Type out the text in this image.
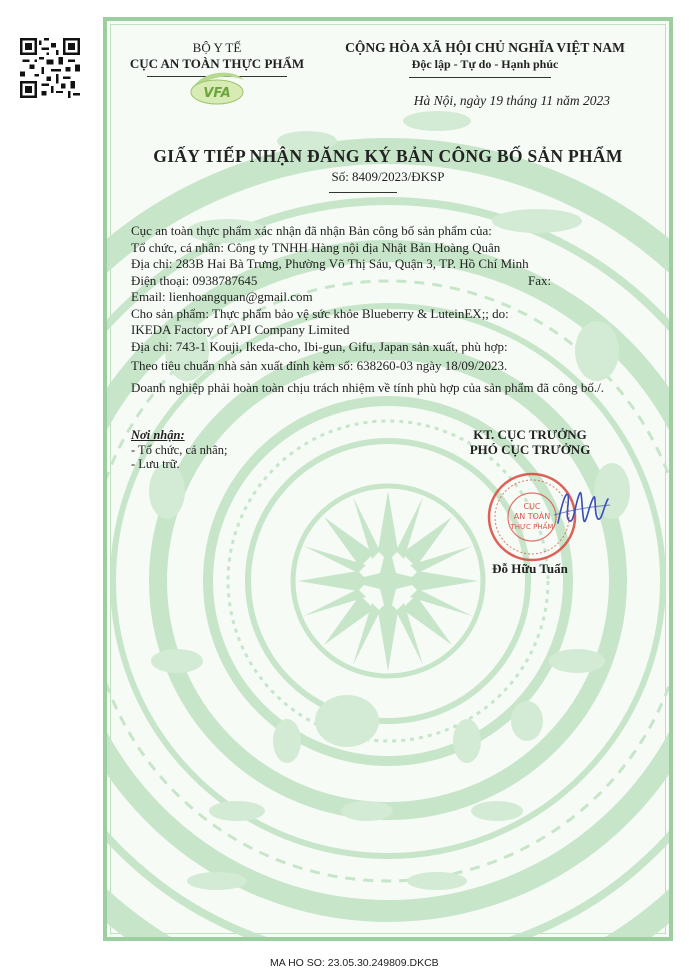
BỘ Y TẾ
CỤC AN TOÀN THỰC PHẨM
VFA
CỘNG HÒA XÃ HỘI CHỦ NGHĨA VIỆT NAM
Độc lập - Tự do - Hạnh phúc
Hà Nội, ngày 19 tháng 11 năm 2023
GIẤY TIẾP NHẬN ĐĂNG KÝ BẢN CÔNG BỐ SẢN PHẨM
Số: 8409/2023/ĐKSP
Cục an toàn thực phẩm xác nhận đã nhận Bản công bố sản phẩm của:
Tổ chức, cá nhân: Công ty TNHH Hàng nội địa Nhật Bản Hoàng Quân
Địa chỉ: 283B Hai Bà Trưng, Phường Võ Thị Sáu, Quận 3, TP. Hồ Chí Minh
Điện thoại: 0938787645	Fax:
Email: lienhoangquan@gmail.com
Cho sản phẩm: Thực phẩm bảo vệ sức khỏe Blueberry & LuteinEX;; do:
IKEDA Factory of API Company Limited
Địa chỉ: 743-1 Kouji, Ikeda-cho, Ibi-gun, Gifu, Japan sản xuất, phù hợp:
Theo tiêu chuẩn nhà sản xuất đính kèm số: 638260-03 ngày 18/09/2023.
Doanh nghiệp phải hoàn toàn chịu trách nhiệm về tính phù hợp của sản phẩm đã công bố./.
Nơi nhận:
- Tổ chức, cá nhân;
- Lưu trữ.
KT. CỤC TRƯỞNG
PHÓ CỤC TRƯỞNG
CỤC
AN TOÀN
THỰC PHẨM
Đỗ Hữu Tuấn
MA HO SO: 23.05.30.249809.DKCB
